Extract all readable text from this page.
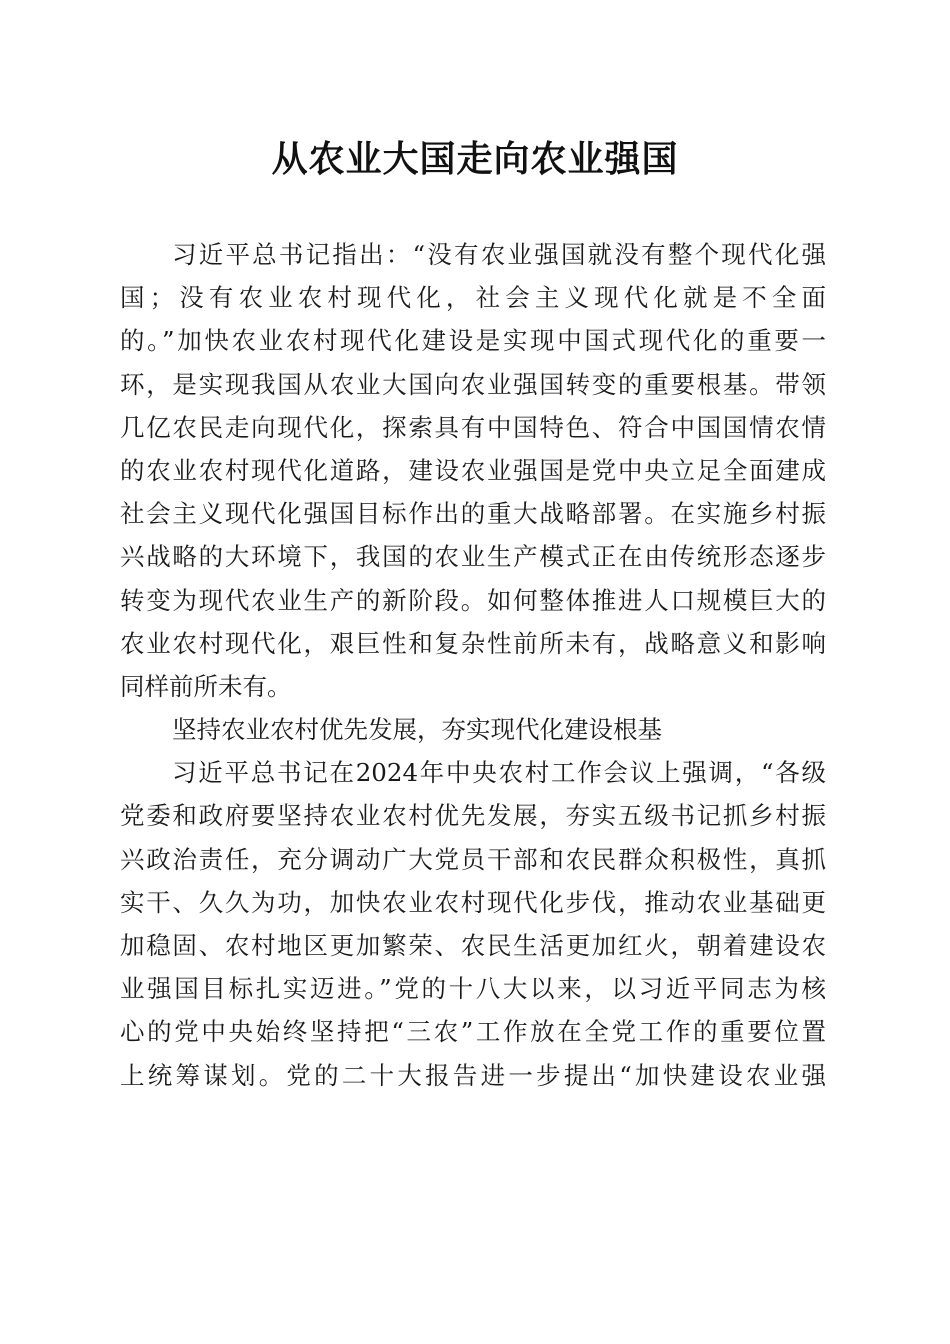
从农业大国走向农业强国
习近平总书记指出：“没有农业强国就没有整个现代化强
国；没有农业农村现代化，社会主义现代化就是不全面
的。”加快农业农村现代化建设是实现中国式现代化的重要一
环，是实现我国从农业大国向农业强国转变的重要根基。带领
几亿农民走向现代化，探索具有中国特色、符合中国国情农情
的农业农村现代化道路，建设农业强国是党中央立足全面建成
社会主义现代化强国目标作出的重大战略部署。在实施乡村振
兴战略的大环境下，我国的农业生产模式正在由传统形态逐步
转变为现代农业生产的新阶段。如何整体推进人口规模巨大的
农业农村现代化，艰巨性和复杂性前所未有，战略意义和影响
同样前所未有。
坚持农业农村优先发展，夯实现代化建设根基
习近平总书记在2024年中央农村工作会议上强调，“各级
党委和政府要坚持农业农村优先发展，夯实五级书记抓乡村振
兴政治责任，充分调动广大党员干部和农民群众积极性，真抓
实干、久久为功，加快农业农村现代化步伐，推动农业基础更
加稳固、农村地区更加繁荣、农民生活更加红火，朝着建设农
业强国目标扎实迈进。”党的十八大以来，以习近平同志为核
心的党中央始终坚持把“三农”工作放在全党工作的重要位置
上统筹谋划。党的二十大报告进一步提出“加快建设农业强
